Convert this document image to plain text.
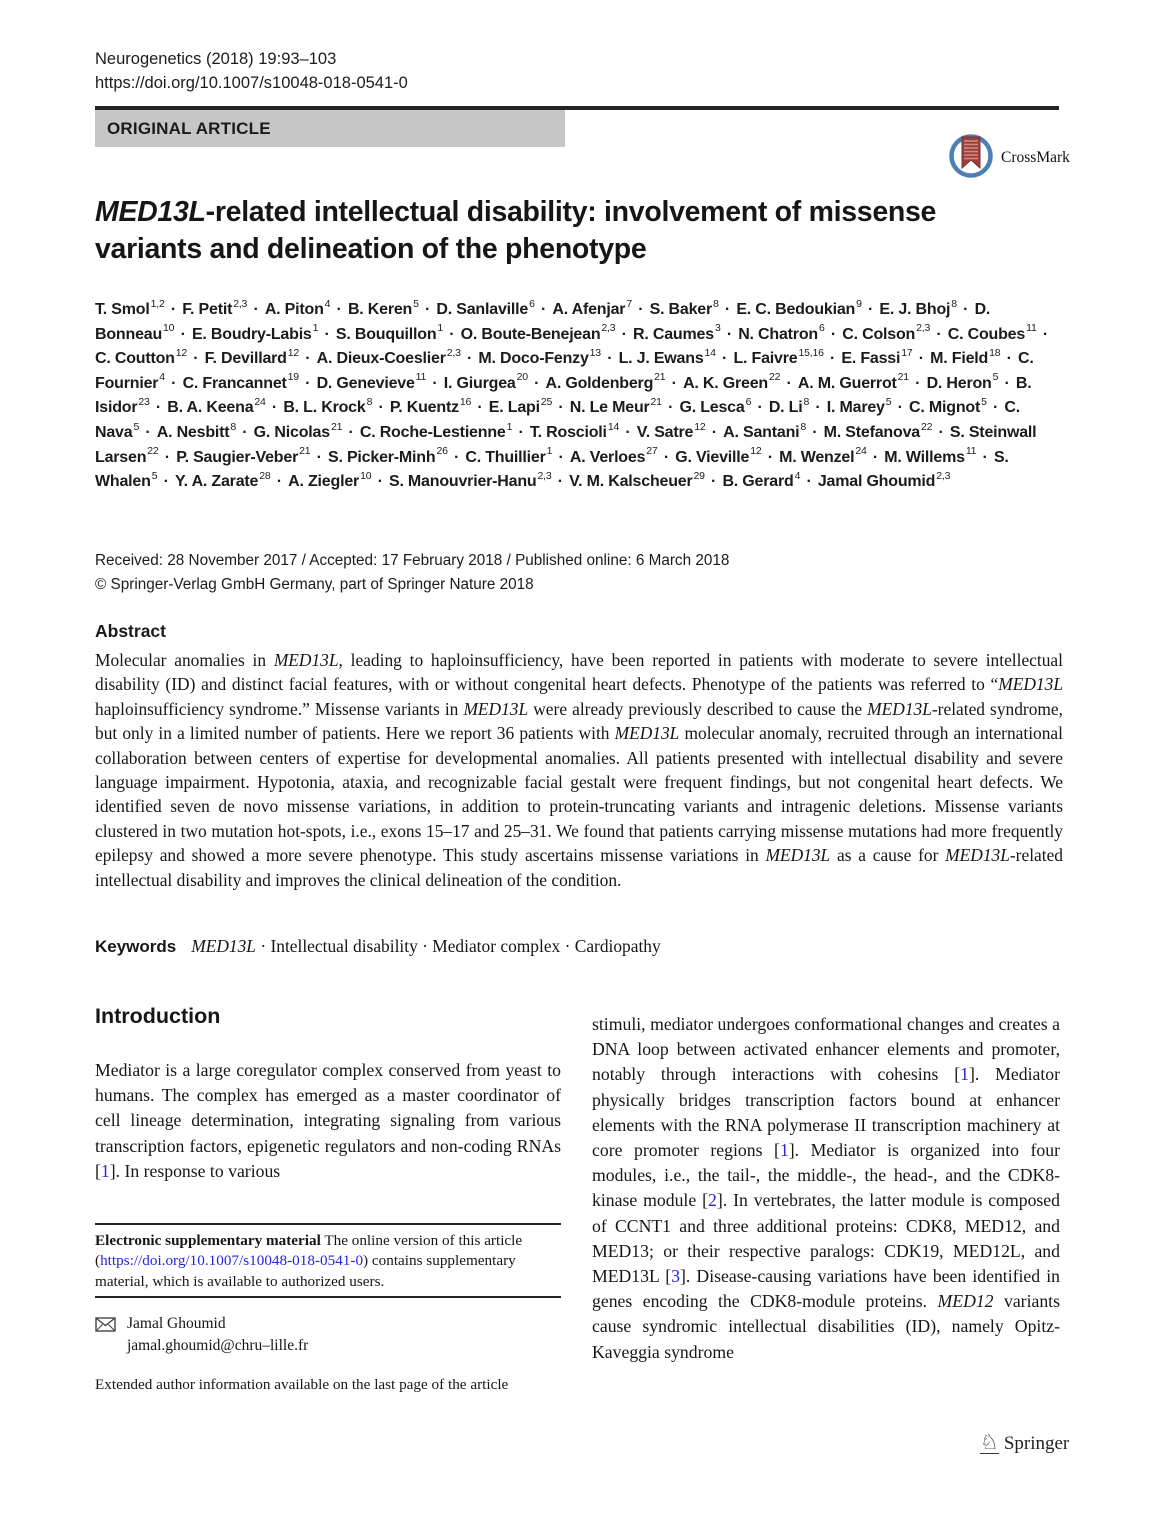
Neurogenetics (2018) 19:93–103
https://doi.org/10.1007/s10048-018-0541-0
ORIGINAL ARTICLE
CrossMark
MED13L-related intellectual disability: involvement of missense variants and delineation of the phenotype
T. Smol$^{1,2}$ · F. Petit$^{2,3}$ · A. Piton$^4$ · B. Keren$^5$ · D. Sanlaville$^6$ · A. Afenjar$^7$ · S. Baker$^8$ · E. C. Bedoukian$^9$ · E. J. Bhoj$^8$ · D. Bonneau$^{10}$ · E. Boudry-Labis$^1$ · S. Bouquillon$^1$ · O. Boute-Benejean$^{2,3}$ · R. Caumes$^3$ · N. Chatron$^6$ · C. Colson$^{2,3}$ · C. Coubes$^{11}$ · C. Coutton$^{12}$ · F. Devillard$^{12}$ · A. Dieux-Coeslier$^{2,3}$ · M. Doco-Fenzy$^{13}$ · L. J. Ewans$^{14}$ · L. Faivre$^{15,16}$ · E. Fassi$^{17}$ · M. Field$^{18}$ · C. Fournier$^4$ · C. Francannet$^{19}$ · D. Genevieve$^{11}$ · I. Giurgea$^{20}$ · A. Goldenberg$^{21}$ · A. K. Green$^{22}$ · A. M. Guerrot$^{21}$ · D. Heron$^5$ · B. Isidor$^{23}$ · B. A. Keena$^{24}$ · B. L. Krock$^8$ · P. Kuentz$^{16}$ · E. Lapi$^{25}$ · N. Le Meur$^{21}$ · G. Lesca$^6$ · D. $Li^8 \cdot I$. Marey$^5$ · C. Mignot$^5$ · C. Nava$^5$ · A. Nesbitt$^8$ · G. Nicolas$^{21}$ · C. Roche-Lestienne$^1$ · T. Roscioli$^{14}$ · V. Satre$^{12}$ · A. Santani$^8$ · M. Stefanova$^{22}$ · S. Steinwall Larsen$^{22}$ · P. Saugier-Veber$^{21}$ · S. Picker-Minh$^{26}$ · C. Thuillier$^1$ · A. Verloes$^{27}$ · G. Vieville$^{12}$ · M. Wenzel$^{24}$ · M. Willems$^{11}$ · S. Whalen$^5$ · Y. A. Zarate$^{28}$ · A. Ziegler$^{10}$ · S. Manouvrier-Hanu$^{2,3}$ · V. M. Kalscheuer$^{29}$ · B. Gerard$^4$ · Jamal Ghoumid$^{2,3}$
Received: 28 November 2017 / Accepted: 17 February 2018 / Published online: 6 March 2018
© Springer-Verlag GmbH Germany, part of Springer Nature 2018
Abstract
Molecular anomalies in MED13L, leading to haploinsufficiency, have been reported in patients with moderate to severe intellectual disability (ID) and distinct facial features, with or without congenital heart defects. Phenotype of the patients was referred to “MED13L haploinsufficiency syndrome.” Missense variants in MED13L were already previously described to cause the MED13L-related syndrome, but only in a limited number of patients. Here we report 36 patients with MED13L molecular anomaly, recruited through an international collaboration between centers of expertise for developmental anomalies. All patients presented with intellectual disability and severe language impairment. Hypotonia, ataxia, and recognizable facial gestalt were frequent findings, but not congenital heart defects. We identified seven de novo missense variations, in addition to protein-truncating variants and intragenic deletions. Missense variants clustered in two mutation hot-spots, i.e., exons 15–17 and 25–31. We found that patients carrying missense mutations had more frequently epilepsy and showed a more severe phenotype. This study ascertains missense variations in MED13L as a cause for MED13L-related intellectual disability and improves the clinical delineation of the condition.
Keywords MED13L · Intellectual disability · Mediator complex · Cardiopathy
Introduction
Mediator is a large coregulator complex conserved from yeast to humans. The complex has emerged as a master coordinator of cell lineage determination, integrating signaling from various transcription factors, epigenetic regulators and non-coding RNAs [1]. In response to various
stimuli, mediator undergoes conformational changes and creates a DNA loop between activated enhancer elements and promoter, notably through interactions with cohesins [1]. Mediator physically bridges transcription factors bound at enhancer elements with the RNA polymerase II transcription machinery at core promoter regions [1]. Mediator is organized into four modules, i.e., the tail-, the middle-, the head-, and the CDK8-kinase module [2]. In vertebrates, the latter module is composed of CCNT1 and three additional proteins: CDK8, MED12, and MED13; or their respective paralogs: CDK19, MED12L, and MED13L [3]. Disease-causing variations have been identified in genes encoding the CDK8-module proteins. MED12 variants cause syndromic intellectual disabilities (ID), namely Opitz-Kaveggia syndrome
Electronic supplementary material The online version of this article (https://doi.org/10.1007/s10048-018-0541-0) contains supplementary material, which is available to authorized users.
Jamal Ghoumid
jamal.ghoumid@chru–lille.fr
Extended author information available on the last page of the article
♘ Springer
